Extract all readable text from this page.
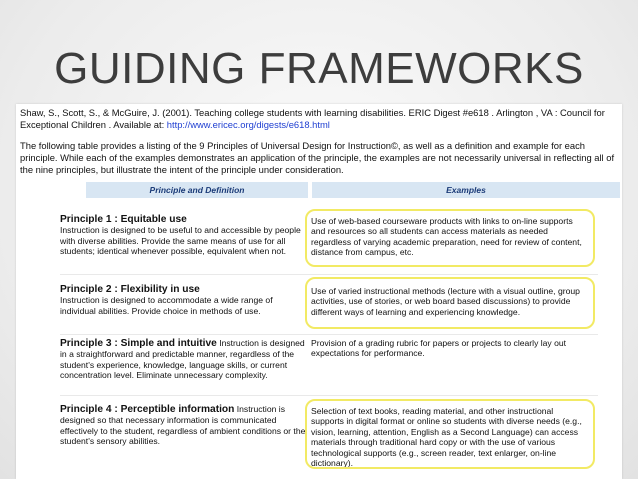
GUIDING FRAMEWORKS
Shaw, S., Scott, S., & McGuire, J. (2001). Teaching college students with learning disabilities. ERIC Digest #e618 . Arlington , VA : Council for Exceptional Children . Available at: http://www.ericec.org/digests/e618.html
The following table provides a listing of the 9 Principles of Universal Design for Instruction©, as well as a definition and example for each principle. While each of the examples demonstrates an application of the principle, the examples are not necessarily universal in reflecting all of the nine principles, but illustrate the intent of the principle under consideration.
Principle and Definition	Examples
Principle 1 : Equitable use
Instruction is designed to be useful to and accessible by people with diverse abilities. Provide the same means of use for all students; identical whenever possible, equivalent when not.
Use of web-based courseware products with links to on-line supports and resources so all students can access materials as needed regardless of varying academic preparation, need for review of content, distance from campus, etc.
Principle 2 : Flexibility in use
Instruction is designed to accommodate a wide range of individual abilities. Provide choice in methods of use.
Use of varied instructional methods (lecture with a visual outline, group activities, use of stories, or web board based discussions) to provide different ways of learning and experiencing knowledge.
Principle 3 : Simple and intuitive Instruction is designed in a straightforward and predictable manner, regardless of the student's experience, knowledge, language skills, or current concentration level. Eliminate unnecessary complexity.
Provision of a grading rubric for papers or projects to clearly lay out expectations for performance.
Principle 4 : Perceptible information Instruction is designed so that necessary information is communicated effectively to the student, regardless of ambient conditions or the student's sensory abilities.
Selection of text books, reading material, and other instructional supports in digital format or online so students with diverse needs (e.g., vision, learning, attention, English as a Second Language) can access materials through traditional hard copy or with the use of various technological supports (e.g., screen reader, text enlarger, on-line dictionary).
